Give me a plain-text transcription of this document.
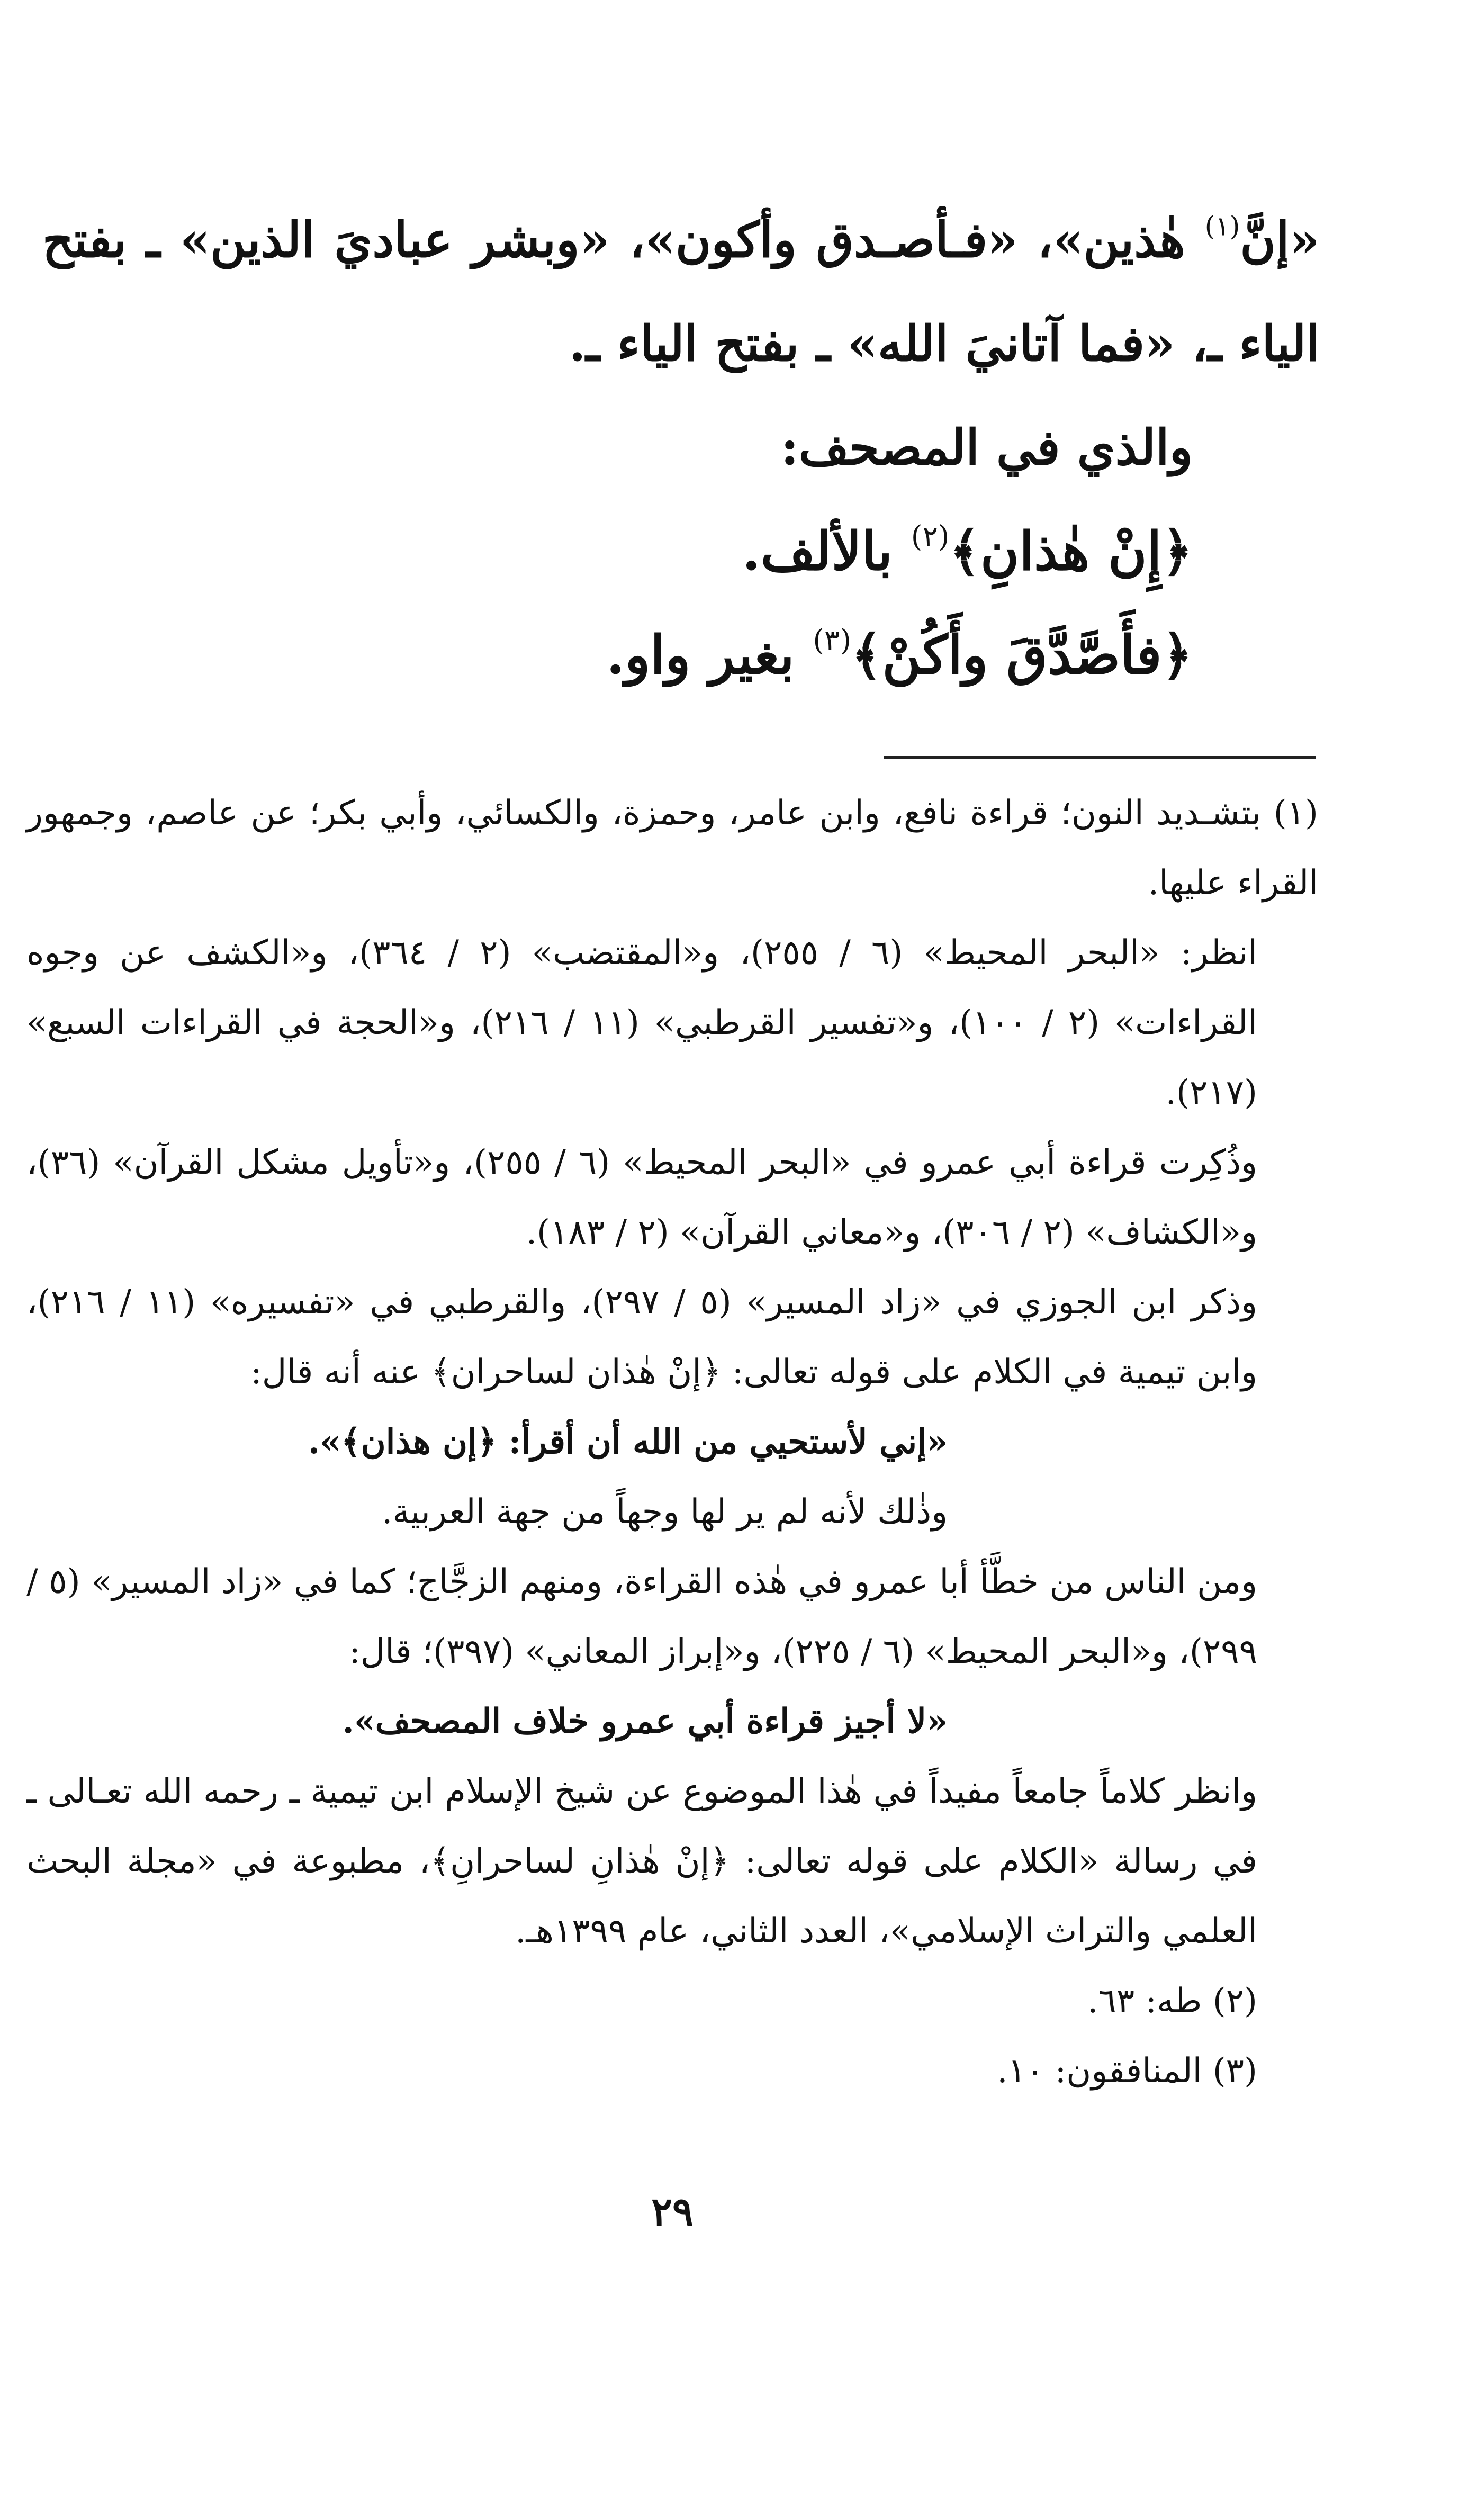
«إنَّ$^{(١)}$ هٰذين»، «فـأصـدق وأكون»، «وبشر عباديَ الذين» ـ بفتح الياء ـ، «فما آتانيَ الله» ـ بفتح الياء ـ.

والذي في المصحف:

﴿إِنْ هٰذانِ﴾$^{(٢)}$ بالألف.

﴿فأَصَّدَّقَ وأَكُنْ﴾$^{(٣)}$ بغير واو.

(١) بتشـديد النون؛ قراءة نافع، وابن عامر، وحمزة، والكسائي، وأبي بكر؛ عن عاصم، وجمهور القراء عليها.

انظر: «البحر المحيط» (٦ / ٢٥٥)، و«المقتضب» (٢ / ٣٦٤)، و«الكشف عن وجوه القراءات» (٢ / ١٠٠)، و«تفسير القرطبي» (١١ / ٢١٦)، و«الحجة في القراءات السبع» (٢١٧).

وذُكِرت قراءة أبي عمرو في «البحر المحيط» (٦ / ٢٥٥)، و«تأويل مشكل القرآن» (٣٦)، و«الكشاف» (٢ / ٣٠٦)، و«معاني القرآن» (٢ / ١٨٣).

وذكر ابن الجوزي في «زاد المسير» (٥ / ٢٩٧)، والقرطبي في «تفسيره» (١١ / ٢١٦)، وابن تيمية في الكلام على قوله تعالى: ﴿إنْ هٰذان لساحران﴾ عنه أنه قال:

«إني لأستحيي من الله أن أقرأ: ﴿إن هذان﴾».

وذٰلك لأنه لم ير لها وجهاً من جهة العربية.

ومن الناس من خطَّأ أبا عمرو في هٰذه القراءة، ومنهم الزجَّاج؛ كما في «زاد المسير» (٥ / ٢٩٩)، و«البحر المحيط» (٦ / ٢٢٥)، و«إبراز المعاني» (٣٩٧)؛ قال:

«لا أجيز قراءة أبي عمرو خلاف المصحف».

وانظر كلاماً جامعاً مفيداً في هٰذا الموضوع عن شيخ الإسلام ابن تيمية ـ رحمه الله تعـالى ـ في رسالة «الكلام على قوله تعالى: ﴿إنْ هٰذانِ لساحرانِ﴾، مطبوعة في «مجلة البحث العلمي والتراث الإسلامي»، العدد الثاني، عام ١٣٩٩هـ.

(٢) طه: ٦٣.

(٣) المنافقون: ١٠.

٢٩
